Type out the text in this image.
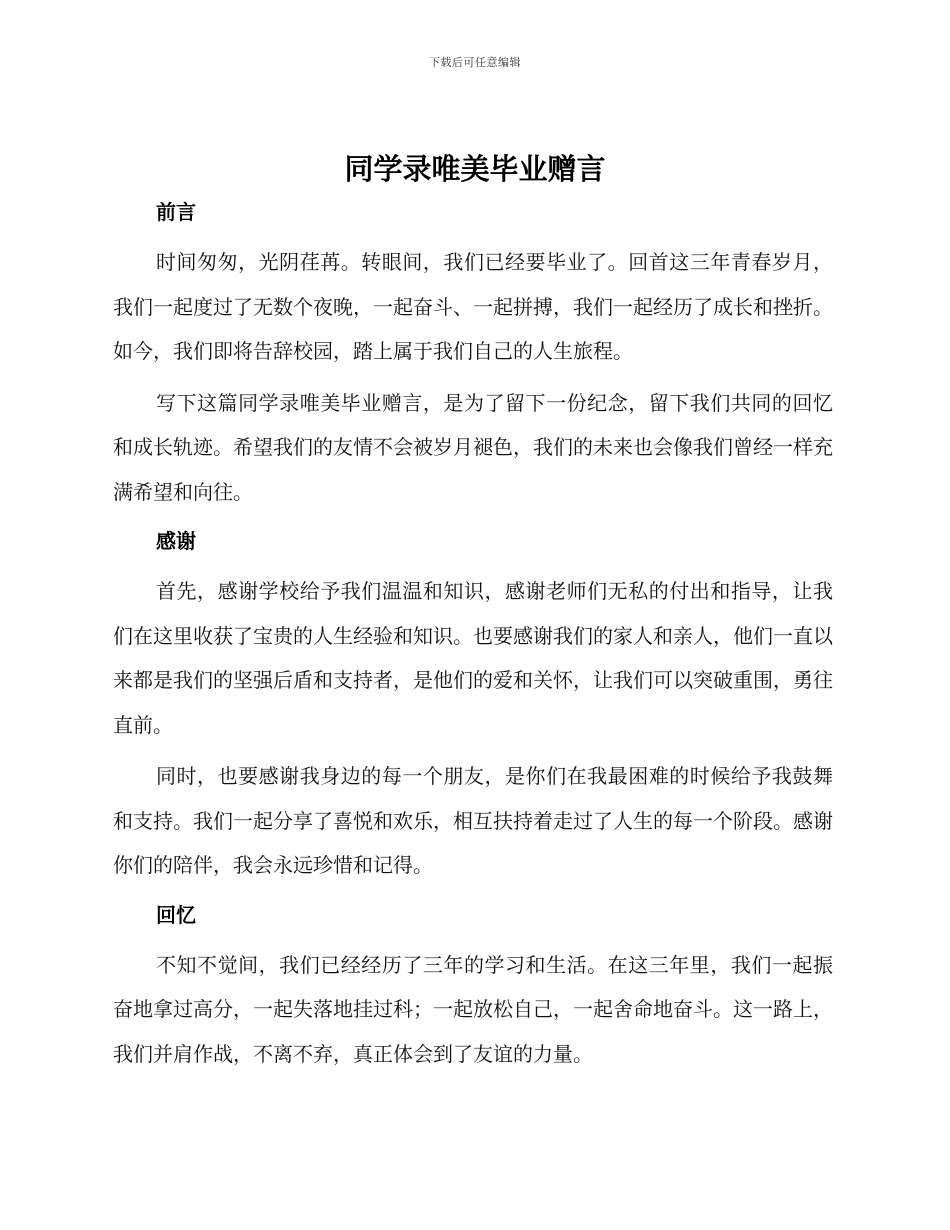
下载后可任意编辑
同学录唯美毕业赠言
前言

时间匆匆，光阴荏苒。转眼间，我们已经要毕业了。回首这三年青春岁月，我们一起度过了无数个夜晚，一起奋斗、一起拼搏，我们一起经历了成长和挫折。如今，我们即将告辞校园，踏上属于我们自己的人生旅程。

写下这篇同学录唯美毕业赠言，是为了留下一份纪念，留下我们共同的回忆和成长轨迹。希望我们的友情不会被岁月褪色，我们的未来也会像我们曾经一样充满希望和向往。

感谢

首先，感谢学校给予我们温温和知识，感谢老师们无私的付出和指导，让我们在这里收获了宝贵的人生经验和知识。也要感谢我们的家人和亲人，他们一直以来都是我们的坚强后盾和支持者，是他们的爱和关怀，让我们可以突破重围，勇往直前。

同时，也要感谢我身边的每一个朋友，是你们在我最困难的时候给予我鼓舞和支持。我们一起分享了喜悦和欢乐，相互扶持着走过了人生的每一个阶段。感谢你们的陪伴，我会永远珍惜和记得。

回忆

不知不觉间，我们已经经历了三年的学习和生活。在这三年里，我们一起振奋地拿过高分，一起失落地挂过科；一起放松自己，一起舍命地奋斗。这一路上，我们并肩作战，不离不弃，真正体会到了友谊的力量。
